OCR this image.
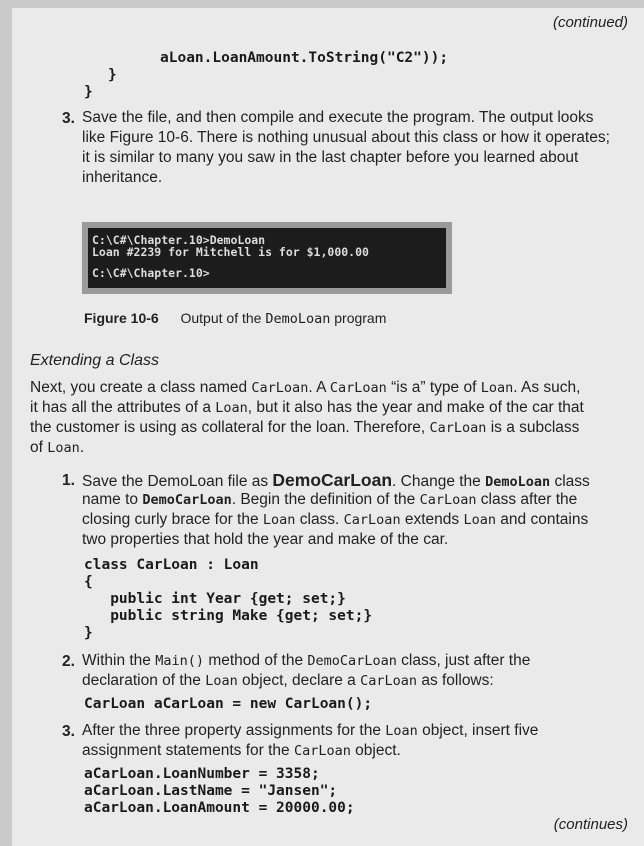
(continued)
aLoan.LoanAmount.ToString("C2"));
}
}
3. Save the file, and then compile and execute the program. The output looks
like Figure 10-6. There is nothing unusual about this class or how it operates;
it is similar to many you saw in the last chapter before you learned about
inheritance.
C:\C#\Chapter.10>DemoLoan
Loan #2239 for Mitchell is for $1,000.00
C:\C#\Chapter.10>
Figure 10-6 Output of the DemoLoan program
Extending a Class
Next, you create a class named CarLoan. A CarLoan “is a” type of Loan. As such,
it has all the attributes of a Loan, but it also has the year and make of the car that
the customer is using as collateral for the loan. Therefore, CarLoan is a subclass
of Loan.
1. Save the DemoLoan file as DemoCarLoan. Change the DemoLoan class
name to DemoCarLoan. Begin the definition of the CarLoan class after the
closing curly brace for the Loan class. CarLoan extends Loan and contains
two properties that hold the year and make of the car.
class CarLoan : Loan
{
public int Year {get; set;}
public string Make {get; set;}
}
2. Within the Main() method of the DemoCarLoan class, just after the
declaration of the Loan object, declare a CarLoan as follows:
CarLoan aCarLoan = new CarLoan();
3. After the three property assignments for the Loan object, insert five
assignment statements for the CarLoan object.
aCarLoan.LoanNumber = 3358;
aCarLoan.LastName = "Jansen";
aCarLoan.LoanAmount = 20000.00;
(continues)
